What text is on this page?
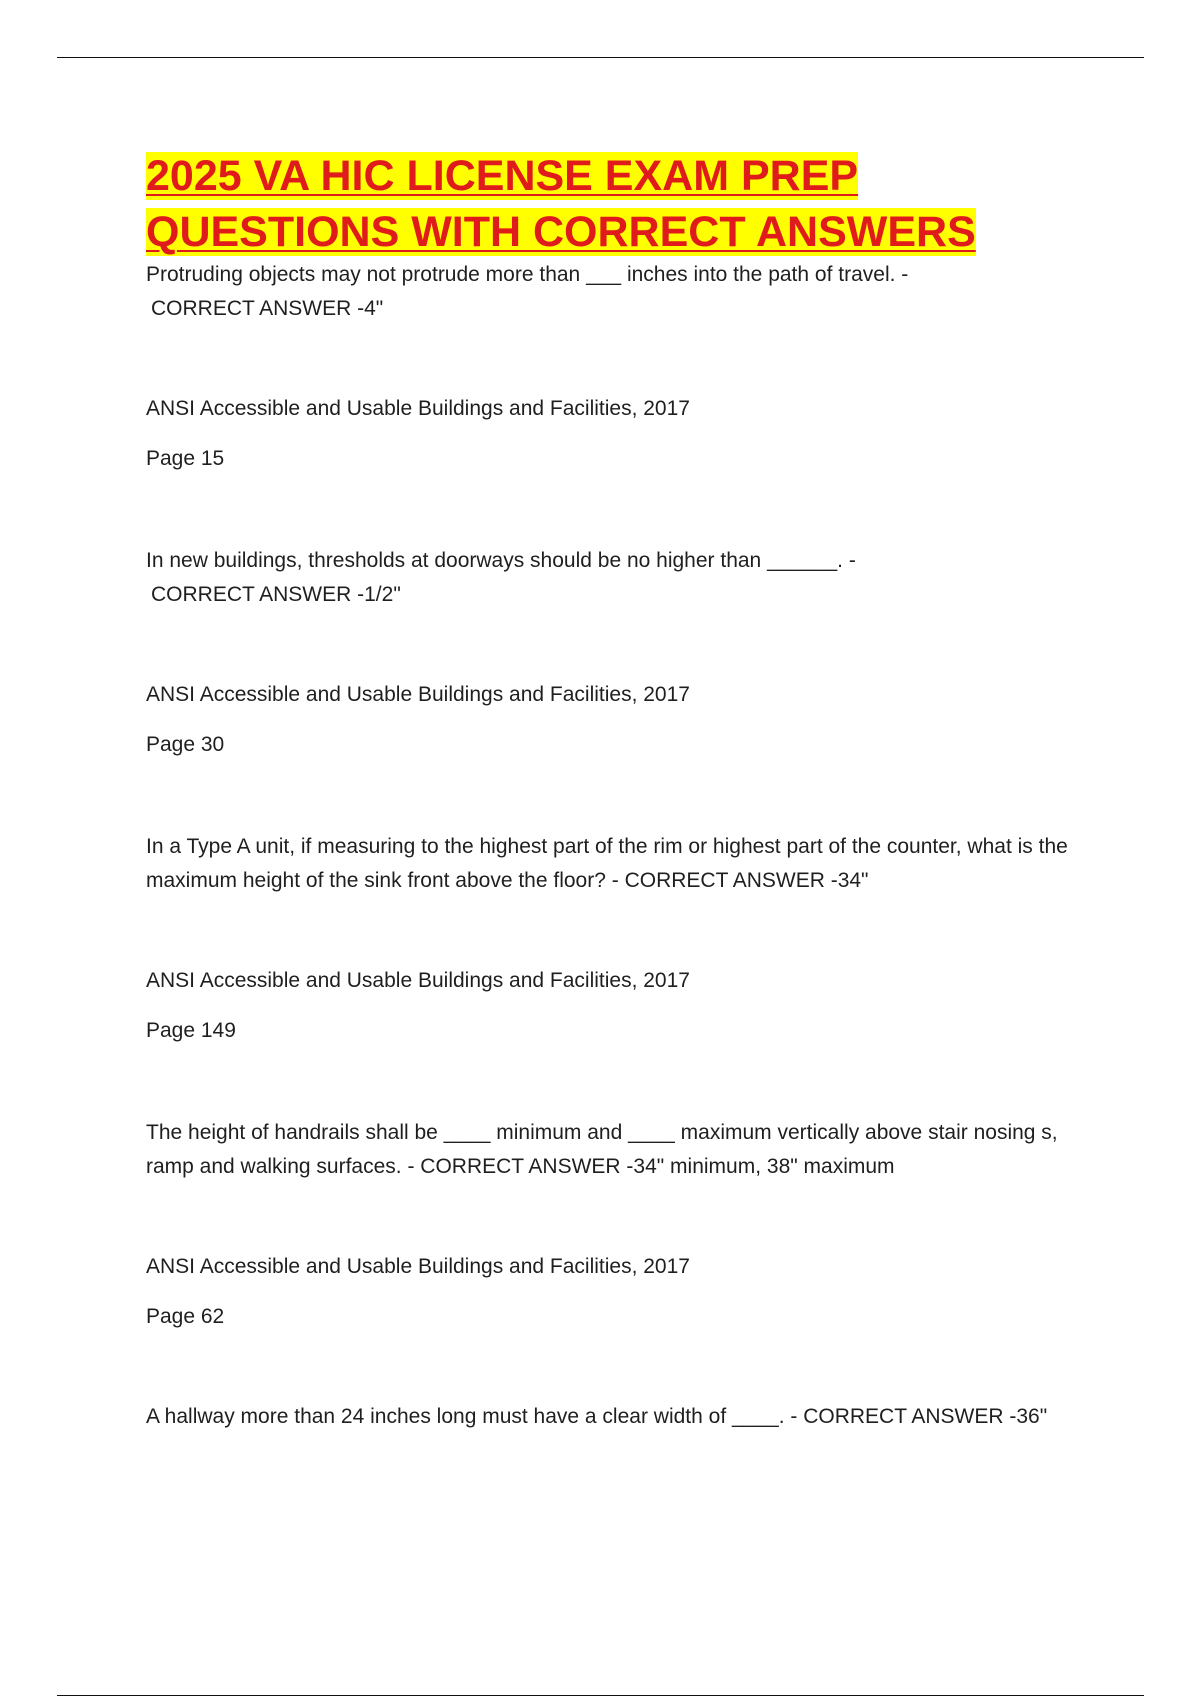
2025 VA HIC LICENSE EXAM PREP
QUESTIONS WITH CORRECT ANSWERS

Protruding objects may not protrude more than ___ inches into the path of travel. -
CORRECT ANSWER -4"

ANSI Accessible and Usable Buildings and Facilities, 2017

Page 15

In new buildings, thresholds at doorways should be no higher than ______. -
CORRECT ANSWER -1/2"

ANSI Accessible and Usable Buildings and Facilities, 2017

Page 30

In a Type A unit, if measuring to the highest part of the rim or highest part of the counter, what is the maximum height of the sink front above the floor? - CORRECT ANSWER -34"

ANSI Accessible and Usable Buildings and Facilities, 2017

Page 149

The height of handrails shall be ____ minimum and ____ maximum vertically above stair nosing s, ramp and walking surfaces. - CORRECT ANSWER -34" minimum, 38" maximum

ANSI Accessible and Usable Buildings and Facilities, 2017

Page 62

A hallway more than 24 inches long must have a clear width of ____. - CORRECT ANSWER -36"
